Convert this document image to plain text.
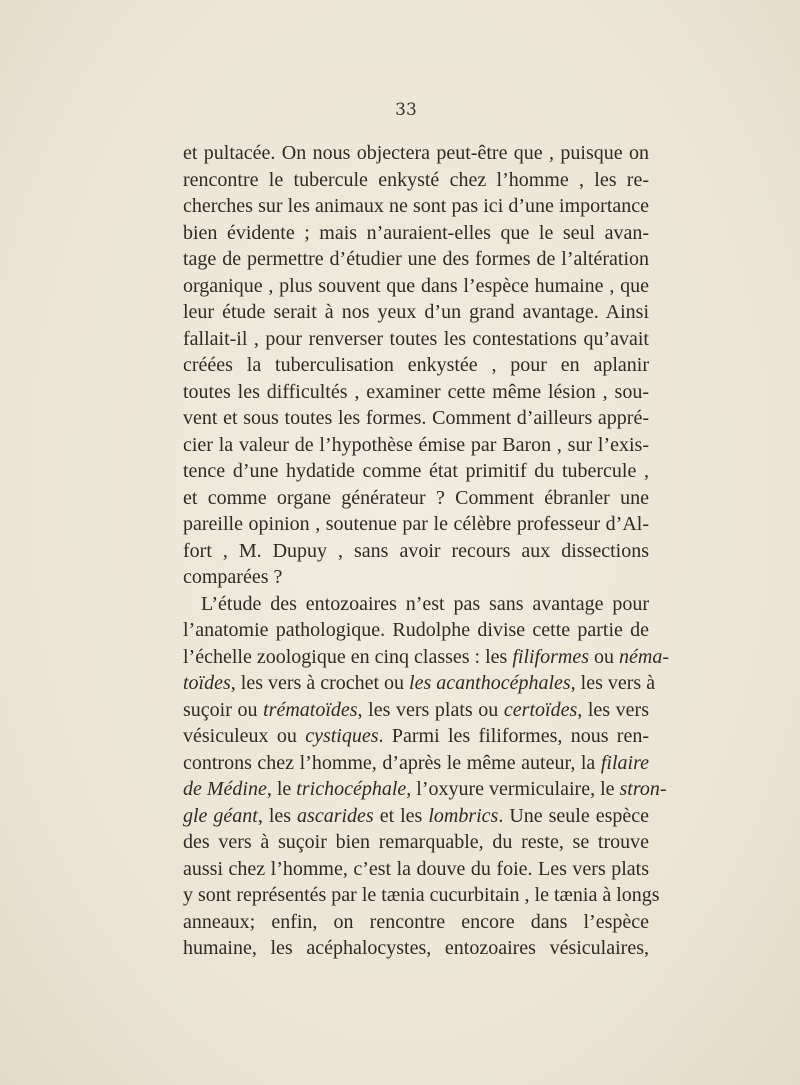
33
et pultacée. On nous objectera peut-être que , puisque on
rencontre le tubercule enkysté chez l’homme , les re-
cherches sur les animaux ne sont pas ici d’une importance
bien évidente ; mais n’auraient-elles que le seul avan-
tage de permettre d’étudier une des formes de l’altération
organique , plus souvent que dans l’espèce humaine , que
leur étude serait à nos yeux d’un grand avantage. Ainsi
fallait-il , pour renverser toutes les contestations qu’avait
créées la tuberculisation enkystée , pour en aplanir
toutes les difficultés , examiner cette même lésion , sou-
vent et sous toutes les formes. Comment d’ailleurs appré-
cier la valeur de l’hypothèse émise par Baron , sur l’exis-
tence d’une hydatide comme état primitif du tubercule ,
et comme organe générateur ? Comment ébranler une
pareille opinion , soutenue par le célèbre professeur d’Al-
fort , M. Dupuy , sans avoir recours aux dissections
comparées ?
L’étude des entozoaires n’est pas sans avantage pour
l’anatomie pathologique. Rudolphe divise cette partie de
l’échelle zoologique en cinq classes : les filiformes ou néma-
toïdes, les vers à crochet ou les acanthocéphales, les vers à
suçoir ou trématoïdes, les vers plats ou certoïdes, les vers
vésiculeux ou cystiques. Parmi les filiformes, nous ren-
controns chez l’homme, d’après le même auteur, la filaire
de Médine, le trichocéphale, l’oxyure vermiculaire, le stron-
gle géant, les ascarides et les lombrics. Une seule espèce
des vers à suçoir bien remarquable, du reste, se trouve
aussi chez l’homme, c’est la douve du foie. Les vers plats
y sont représentés par le tænia cucurbitain , le tænia à longs
anneaux; enfin, on rencontre encore dans l’espèce
humaine, les acéphalocystes, entozoaires vésiculaires,
